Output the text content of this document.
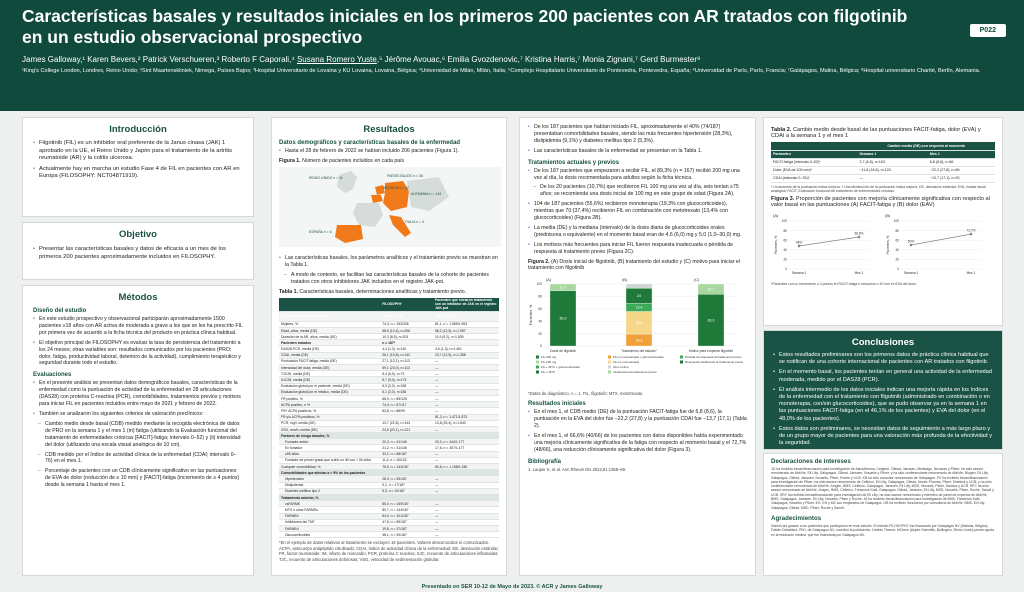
Características basales y resultados iniciales en los primeros 200 pacientes con AR tratados con filgotinib en un estudio observacional prospectivo	P022
James Galloway,¹ Karen Bevers,² Patrick Verschueren,³ Roberto F Caporali,⁴ Susana Romero Yuste,⁵ Jérôme Avouac,⁶ Emilia Gvozdenovic,⁷ Kristina Harris,⁷ Monia Zignani,⁷ Gerd Burmester⁸
¹King's College London, Londres, Reino Unido; ²Sint Maartenskliniek, Nimega, Países Bajos; ³Hospital Universitario de Lovaina y KU Lovaina, Lovaina, Bélgica; ⁴Universidad de Milán, Milán, Italia; ⁵Complejo Hospitalario Universitario de Pontevedra, Pontevedra, España; ⁶Universidad de París, París, Francia; ⁷Galápagos, Malina, Bélgica; ⁸Hospital universitario Charité, Berlín, Alemania.
Introducción
• Filgotinib (FIL) es un inhibidor oral preferente de la Janus cinasa (JAK) 1 aprobado en la UE, el Reino Unido y Japón para el tratamiento de la artritis reumatoide (AR) y la colitis ulcerosa.
• Actualmente hay en marcha un estudio Fase 4 de FIL en pacientes con AR en Europa (FILOSOPHY; NCT04871919).
Objetivo
• Presentar las características basales y datos de eficacia a un mes de los primeros 200 pacientes aproximadamente incluidos en FILOSOPHY.
Métodos
Diseño del estudio
• En este estudio prospectivo y observacional participarán aproximadamente 1500 pacientes ≥18 años con AR activa de moderada a grave a los que se les ha prescrito FIL por primera vez de acuerdo a la ficha técnica del producto en práctica clínica habitual.
• El objetivo principal de FILOSOPHY es evaluar la tasa de persistencia del tratamiento a los 24 meses; otras variables son: resultados comunicados por los pacientes (PRO; dolor, fatiga, productividad laboral, deterioro de la actividad), cumplimiento terapéutico y seguridad durante todo el estudio.
Evaluaciones
• En el presente análisis se presentan datos demográficos basales, características de la enfermedad como la puntuación de actividad de la enfermedad en 28 articulaciones (DAS28) con proteína C-reactiva (PCR), comorbilidades, tratamientos previos y motivos para iniciar FIL en pacientes incluidos entre mayo de 2021 y febrero de 2022.
• También se analizaron los siguientes criterios de valoración preclínicos:
– Cambio medio desde basal (CDB) medido mediante la recogida electrónica de datos de PRO en la semana 1 y el mes 1 (m) fatiga (utilizando la Evaluación funcional del tratamiento de enfermedades crónicas [FACIT]-fatiga; intervalo 0–52) y (ii) intensidad del dolor (utilizando una escala visual analógica de 10 cm).
– CDB medido por el Índice de actividad clínica de la enfermedad (CDAI; intervalo 0–76) en el mes 1.
– Porcentaje de pacientes con un CDB clínicamente significativo en las puntuaciones de EVA de dolor (reducción de ≥ 10 mm) y [FACIT]-fatiga (incremento de ≥ 4 puntos) desde la semana 1 hasta el mes 1.
Resultados
Datos demográficos y características basales de la enfermedad
• Hasta el 28 de febrero de 2022 se habían incluido 206 pacientes (Figura 1).
Figura 1. Número de pacientes incluidos en cada país
REINO UNIDO n = 11	PAÍSES BAJOS n = 38
BÉLGICA n = 42
ALEMANIA n = 144
ITALIA n = 4
ESPAÑA n = 6
• Las características basales, los parámetros analíticos y el tratamiento previo se muestran en la Tabla 1.
– A modo de contexto, se facilitan las características basales de la cohorte de pacientes tratados con otros inhibidores JAK incluidos en el registro JAK-pot.
Tabla 1. Características basales, determinaciones analíticas y tratamiento previo.
	FILOSOPHY	Pacientes que iniciaron tratamiento con un inhibidor de JAK en el registro JAK-pot
Todos los pacientes incluidos	Total N = 206	Total N = 1.957
Mujeres, %	74,3, n = 153/206	81,1, n = 1.585/1.953
Edad, años, media (DE)	58,5 (12,6), n=206	58,2 (12,5), n=1.957
Duración de la AR, años, media (DE)	10,3 (8,5), n=203	11,9 (9,2), n=1.839
Pacientes tratados	n = 187*	
DAS28-PCR, media (DE)	4,4 (1,2), n=140	4,6 (1,3), n=1.461
CDAI, media (DE)	26,1 (10,8), n=142	23,7 (12,5), n=1.358
Puntuación FACIT-fatiga, media (DE)	27,1 (12,1), n=113	—
Intensidad del dolor, media (DE)	59,1 (23,0), n=113	—
TJC28, media (DE)	8,4 (6,9), n=72	—
SJC28, media (DE)	5,7 (5,0), n=173	—
Evaluación global por el paciente, media (DE)	6,3 (2,0), n=158	—
Evaluación global por el médico, media (DE)	6,1 (2,0), n=156	—
FR positivo, %	68,0, n = 85/125	—
ACPA positivo, n %	74,4, n = 87/117	—
FR+ ACPA positivos, %	83,8, n = 88/99	—
FR y/o ACPA positivos, %		81,3, n = 1.471/1.873
PCR, mg/l, media (DE)	13,7 (22,8), n=144	13,8 (25,4), n=1.840
VSG, mm/h, media (DE)	24,5 (20,1), n=121	—
Factores de riesgo basales, %		
Fumador activo	20,3, n = 41/146	20,3, n = 444/1.177
Ex fumador	21,2, n = 31/146	17,6, n = 307/1.177
≥65 años	33,2, n = 68/187	—
Fumador de primer grado que sufrió un IM con < 50 años	11,4, n = 15/132	—
Cualquier comorbilidad, %	76,5, n = 143/187	80,8, n = 1.158/1.336
Comorbilidades que afectan a > 5% de los pacientes		
Hipertensión	28,3, n = 53/187	—
Dislipidemia	9,1, n = 17/187	—
Diabetes mellitus tipo 2	5,3, n = 10/187	—
Tratamiento anterior, %		
csFARME	85,0, n = 159/187	—
MTX o otros FARMEs	80,7, n = 144/187	—
FARMEb	54,0, n = 101/187	—
Inhibidores del TNF	47,6, n = 89/187	—
FARMEd	19,8, n = 37/187	—
Glucocorticoides	48,1, n = 90/187	—
*En el ejemplo de datos relativos al tratamiento se excluyen 19 pacientes. Valores desconocidos ni comunicados. ACPA, anticuerpo antipéptido citrulinado; CDAI, Índice de actividad clínica de la enfermedad; DE, desviación estándar; FR, factor reumatoide; IM, infarto de miocardio; PCR, proteína C reactiva; SJC, recuento de articulaciones inflamadas; TJC, recuento de articulaciones dolorosas; VSG, velocidad de sedimentación globular.
• De los 187 pacientes que habían iniciado FIL, aproximadamente el 40% (74/187) presentaban comorbilidades basales, siendo las más frecuentes hipertensión (28,3%), dislipidemia (9,1%) y diabetes mellitus tipo 2 (5,3%).
• Las características basales de la enfermedad se presentan en la Tabla 1.
Tratamientos actuales y previos
• De los 187 pacientes que empezaron a recibir FIL, el 89,3% (n = 167) recibió 200 mg una vez al día, la dosis recomendada para adultos según la ficha técnica.
– De los 20 pacientes (10,7%) que recibieron FIL 100 mg una vez al día, seis tenían ≥75 años; se recomienda una dosis inicial de 100 mg en este grupo de edad (Figura 2A).
• 104 de 187 pacientes (55,6%) recibieron monoterapia (19,3% con glucocorticoides), mientras que 70 (37,4%) recibieron FIL en combinación con metotrexato (13,4% con glucocorticoides) (Figura 2B).
• La media (DE) y la mediana (intervalo) de la dosis diaria de glucocorticoides orales (prednisona o equivalente) en el momento basal eran de 4,6 (6,0) mg y 5,0 (1,0–30,0) mg.
• Los motivos más frecuentes para iniciar FIL fueron respuesta inadecuada o pérdida de respuesta al tratamiento previo (Figura 2C).
Figura 2. (A) Dosis inicial de filgotinib, (B) tratamiento del estudio y (C) motivo para iniciar el tratamiento con filgotinib
100
80
60
40
20
0
Pacientes, %
(A)
89,3
10,7
Dosis de filgotinib
(B)
19,3
36,4
13,4
24
Tratamiento del estudio*
(C)
83,3
16,7
Motivo para empezar filgotinib
FIL 200 mg
FIL 100 mg
FIL + MTX + glucocorticoides
FIL + MTX
FIL en monoterapia + glucocorticoides
FIL en monoterapia
Otro motivo
Intolerancia al tratamiento previo
Pérdida de respuesta al tratamiento previo
Respuesta insuficiente al tratamiento previo
*Datos de diagnóstico, n = 1. FIL, filgotinib; MTX, metotrexato.
Resultados iniciales
• En el mes 1, el CDB medio (DE) de la puntuación FACIT-fatiga fue de 6,8 (8,6), la puntuación en la EVA del dolor fue −22,2 (27,8) y la puntuación CDAI fue −13,7 (17,1) (Tabla 2).
• En el mes 1, el 66,6% (40/66) de los pacientes con datos disponibles había experimentado una mejoría clínicamente significativa de la fatiga con respecto al momento basal y el 72,7% (48/66), una reducción clínicamente significativa del dolor (Figura 3).
Bibliografía
1. Lauper K, et al. Ann Rheum Dis 2022;81:1358–66.
Tabla 2. Cambio medio desde basal de las puntuaciones FACIT-fatiga, dolor (EVA) y CDAI a la semana 1 y el mes 1
	Cambio medio (DE) con respecto al momento	
Parámetro	Semana 1	Mes 1
FACIT-fatiga (intervalo 0–52)*	3,7 (6,8), n=103	6,8 (8,6), n=66
Dolor (EVA de 100 mm)*	−11,8 (18,6), n=103	−22,2 (27,8), n=66
CDAI (intervalo 0–76)†	—	−13,7 (17,1), n=93
* Un aumento de la puntuación indica mejoría. † Una disminución de la puntuación indica mejoría. DE, desviación estándar; EVA, escala visual analógica; FACIT, Evaluación funcional del tratamiento de enfermedades crónicas.
Figura 3. Proporción de pacientes con mejoría clínicamente significativa con respecto al valor basal en las puntuaciones (A) FACIT-fatiga y (B) dolor (EAV)
(A)
100
80
60
40
20
0
Pacientes, %	48%
Semana 1
66,6%
Mes 1
(B)
100
80
60
40
20
0
Pacientes, %	50%
Semana 1
72,7%
Mes 1
*Pacientes con un incremento ≥ 4 puntos en FACIT-fatiga o reducción ≥ 10 mm en EVA del dolor.
Conclusiones
• Estos resultados preliminares son los primeros datos de práctica clínica habitual que se notifican de una cohorte internacional de pacientes con AR tratados con filgotinib.
• En el momento basal, los pacientes tenían en general una actividad de la enfermedad moderada, medido por el DAS28 (PCR).
• El análisis intermedio de los datos iniciales indican una mejoría rápida en los índices de la enfermedad con el tratamiento con filgotinib (administrado en combinación o en monoterapia, con/sin glucocorticoides), que se pudo observar ya en la semana 1 en las puntuaciones FACIT-fatiga (en el 46,1% de los pacientes) y EVA del dolor (en el 48,0% de los pacientes).
• Estos datos son preliminares, se necesitan datos de seguimiento a más largo plazo y de un grupo mayor de pacientes para una valoración más profunda de la efectividad y la seguridad.
Declaraciones de intereses
JG ha recibido becas/financiación para investigación de AstraZeneca, Celgene, Gilead, Janssen, Medicago, Novavax y Pfizer; ha sido asesor remunerado de AbbVie, Eli Lilly, Galapagos, Gilead, Janssen, Novartis y Pfizer; y ha sido conferenciante remunerado de AbbVie, Biogen, Eli Lilly, Galapagos, Gilead, Janssen, Novartis, Pfizer, Roche y UCB. KB ha sido consultor remunerado de Galapagos. PV ha recibido becas/financiación para investigación de Pfizer; ha sido asesor remunerado de Celltrion, Eli Lilly, Galapagos, Gilead, Nordic Pharma, Pfizer, Sidekick y UCB; y ha sido conferenciante remunerado de AbbVie, Amgen, BMS, Celltrion, Galapagos, Janssen, Eli Lilly, MSD, Novartis, Pfizer, Sandoz y UCB. RFC ha sido asesor remunerado de AbbVie, Amgen, BMS, Celltrion, Fresenius Kabi, Galapagos, Gilead, Janssen, Eli Lilly, MSD, Novartis, Pfizer, Roche, Sanofi y UCB. SRY ha recibido becas/financiación para investigación de Eli Lilly; ha sido asesor remunerado y miembro de panel de expertos de AbbVie, BMS, Galapagos, Janssen, Eli Lilly, Novartis, Pfizer y Roche. JA ha recibido becas/financiación para investigación de BMS, Fresenius Kabi, Galapagos, Novartis y Pfizer. EG, KH y MZ son empleados de Galapagos. GB ha recibido honorarios por consultoría de AbbVie, BMS, Eli Lilly, Galapagos, Gilead, MSD, Pfizer, Roche y Sanofi.
Agradecimientos
Damos las gracias a los pacientes que participaron en este estudio. El estudio FILOSOPHY fue financiado por Galapagos NV (Malinas, Bélgica). Fabien Debailleul, PhD, de Galapagos NV, coordinó la publicación. Debbie Timmer, MChem (Aspire Scientific, Bollington, Reino Unido) prestó ayuda en la redacción médica, que fue financiada por Galapagos NV.
Presentado en SER 10-12 de Mayo de 2023. © ACR y James Galloway
